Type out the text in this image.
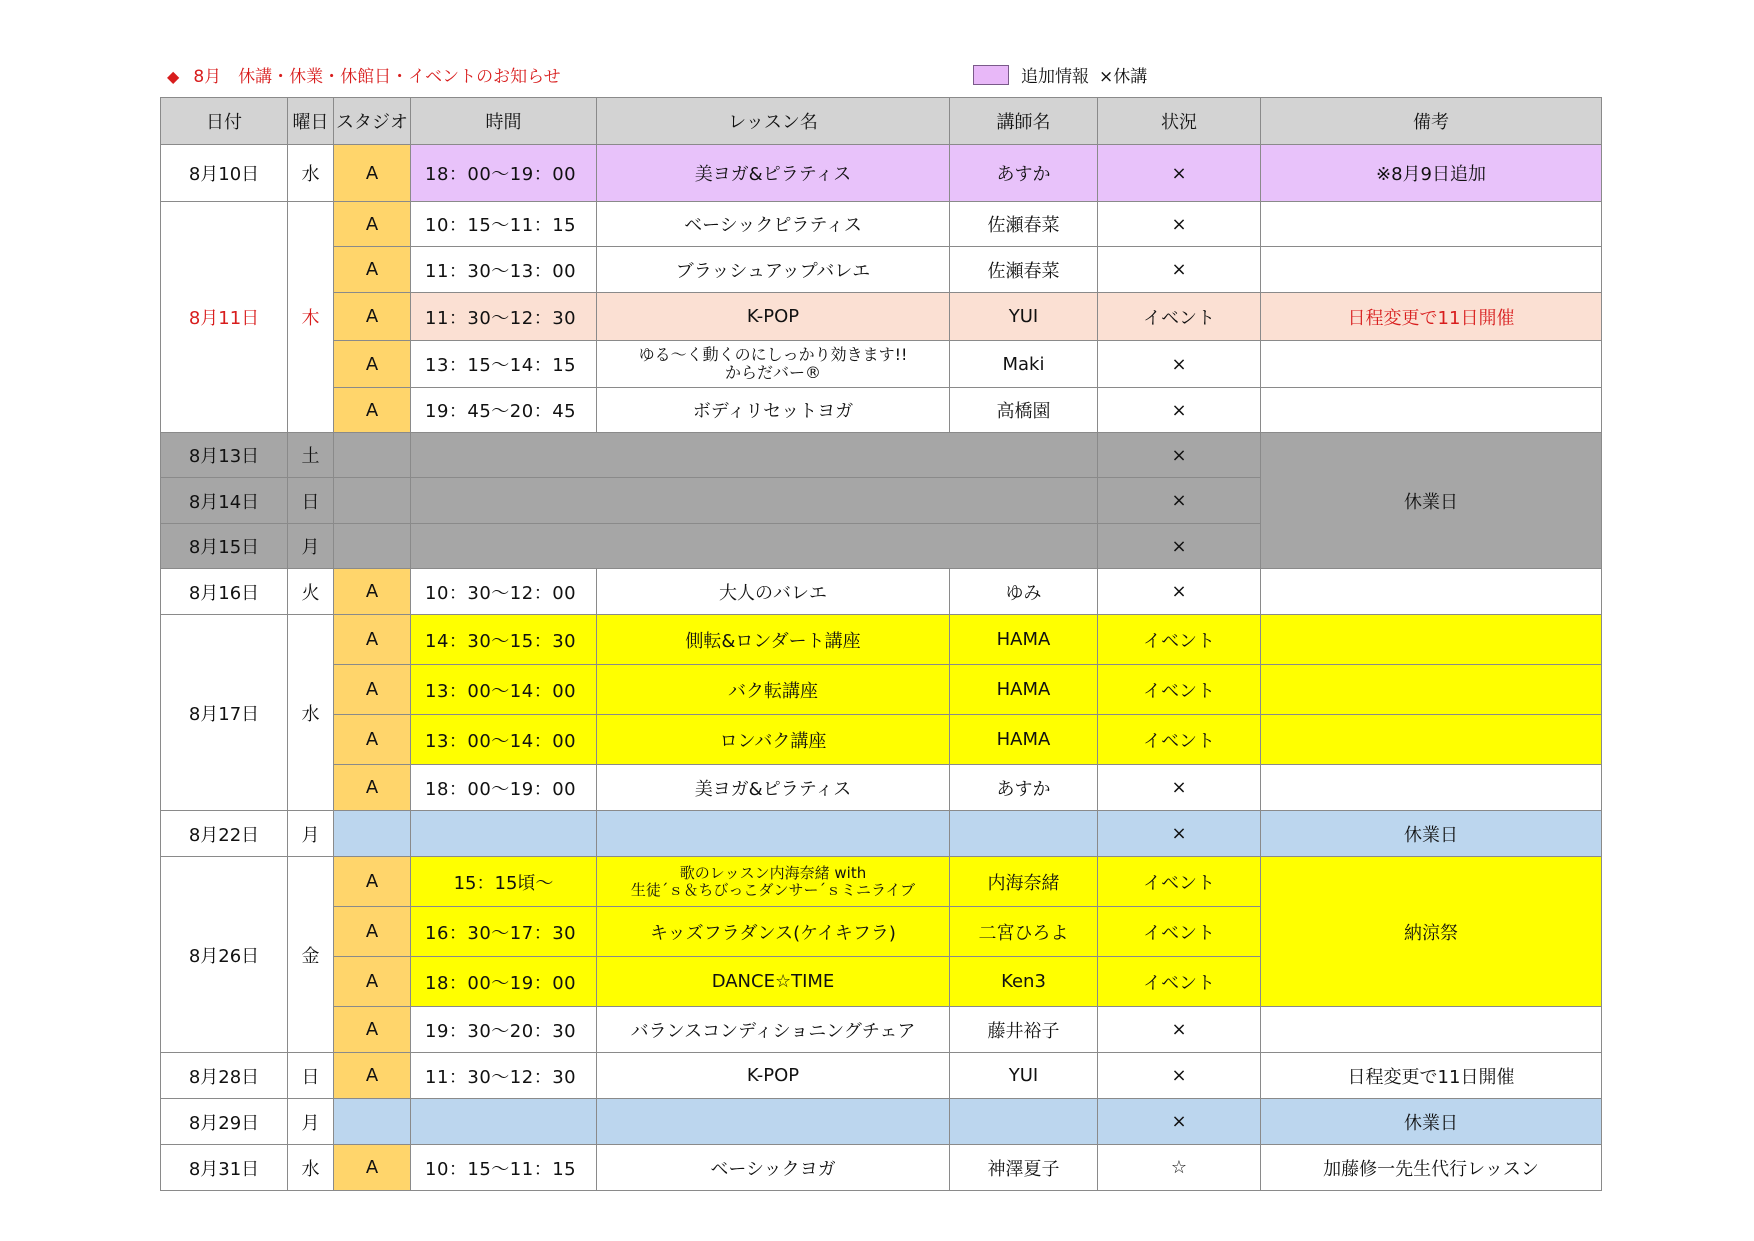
◆ 8月　休講・休業・休館日・イベントのお知らせ	追加情報 ×休講
日付	曜日	スタジオ	時間	レッスン名	講師名	状況	備考
8月10日	水	A	18：00～19：00	美ヨガ&ピラティス	あすか	×	※8月9日追加
8月11日	木	A	10：15～11：15	ベーシックピラティス	佐瀬春菜	×	
		A	11：30～13：00	ブラッシュアップバレエ	佐瀬春菜	×	
		A	11：30～12：30	K-POP	YUI	イベント	日程変更で11日開催
		A	13：15～14：15	ゆる～く動くのにしっかり効きます!!
からだバー®	Maki	×	
		A	19：45～20：45	ボディリセットヨガ	高橋園	×	
8月13日	土					×	休業日
8月14日	日					×	
8月15日	月					×	
8月16日	火	A	10：30～12：00	大人のバレエ	ゆみ	×	
8月17日	水	A	14：30～15：30	側転&ロンダート講座	HAMA	イベント	
		A	13：00～14：00	バク転講座	HAMA	イベント	
		A	13：00～14：00	ロンバク講座	HAMA	イベント	
		A	18：00～19：00	美ヨガ&ピラティス	あすか	×	
8月22日	月					×	休業日
8月26日	金	A	15：15頃～	歌のレッスン内海奈緒 with
生徒´ｓ＆ちびっこダンサー´ｓミニライブ	内海奈緒	イベント	納涼祭
		A	16：30～17：30	キッズフラダンス(ケイキフラ)	二宮ひろよ	イベント	
		A	18：00～19：00	DANCE☆TIME	Ken3	イベント	
		A	19：30～20：30	バランスコンディショニングチェア	藤井裕子	×	
8月28日	日	A	11：30～12：30	K-POP	YUI	×	日程変更で11日開催
8月29日	月					×	休業日
8月31日	水	A	10：15～11：15	ベーシックヨガ	神澤夏子	☆	加藤修一先生代行レッスン
